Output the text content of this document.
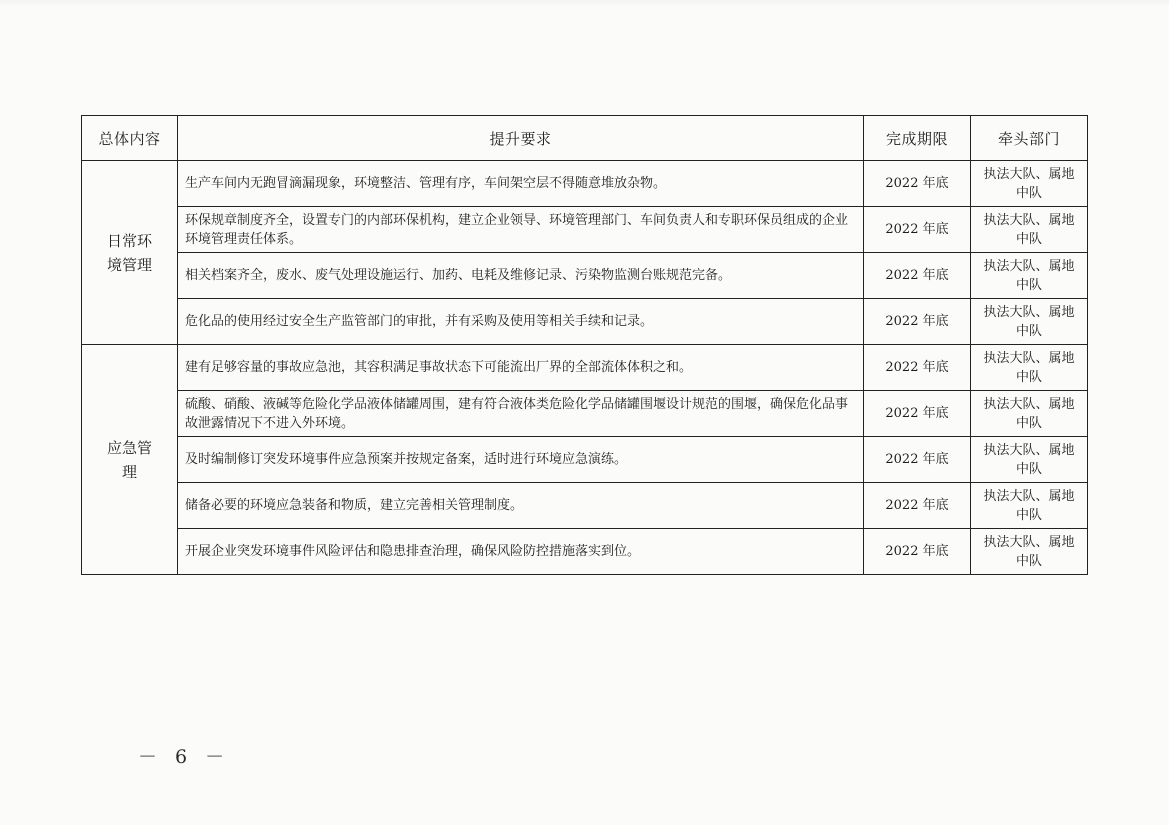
总体内容	提升要求	完成期限	牵头部门
日常环境管理	生产车间内无跑冒滴漏现象，环境整洁、管理有序，车间架空层不得随意堆放杂物。	2022 年底	执法大队、属地中队
	环保规章制度齐全，设置专门的内部环保机构，建立企业领导、环境管理部门、车间负责人和专职环保员组成的企业环境管理责任体系。	2022 年底	执法大队、属地中队
	相关档案齐全，废水、废气处理设施运行、加药、电耗及维修记录、污染物监测台账规范完备。	2022 年底	执法大队、属地中队
	危化品的使用经过安全生产监管部门的审批，并有采购及使用等相关手续和记录。	2022 年底	执法大队、属地中队
应急管理	建有足够容量的事故应急池，其容积满足事故状态下可能流出厂界的全部流体体积之和。	2022 年底	执法大队、属地中队
	硫酸、硝酸、液碱等危险化学品液体储罐周围，建有符合液体类危险化学品储罐围堰设计规范的围堰，确保危化品事故泄露情况下不进入外环境。	2022 年底	执法大队、属地中队
	及时编制修订突发环境事件应急预案并按规定备案，适时进行环境应急演练。	2022 年底	执法大队、属地中队
	储备必要的环境应急装备和物质，建立完善相关管理制度。	2022 年底	执法大队、属地中队
	开展企业突发环境事件风险评估和隐患排查治理，确保风险防控措施落实到位。	2022 年底	执法大队、属地中队
－ 6 －
